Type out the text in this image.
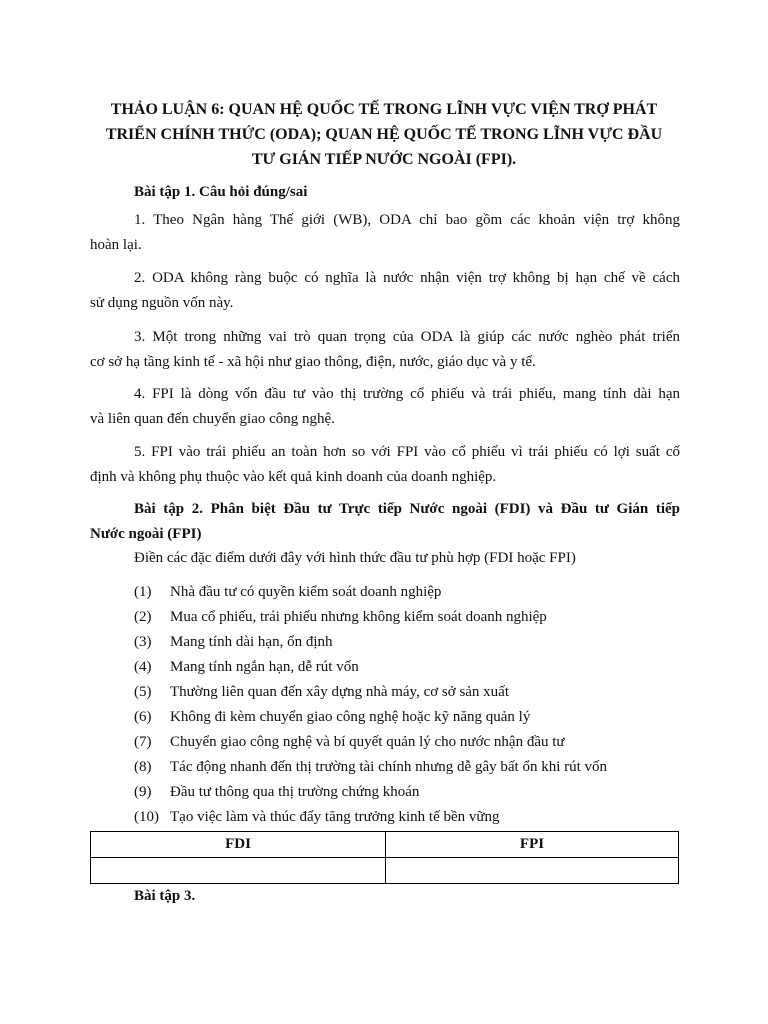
THẢO LUẬN 6: QUAN HỆ QUỐC TẾ TRONG LĨNH VỰC VIỆN TRỢ PHÁT
TRIỂN CHÍNH THỨC (ODA); QUAN HỆ QUỐC TẾ TRONG LĨNH VỰC ĐẦU
TƯ GIÁN TIẾP NƯỚC NGOÀI (FPI).
Bài tập 1. Câu hỏi đúng/sai
1. Theo Ngân hàng Thế giới (WB), ODA chỉ bao gồm các khoản viện trợ không
hoàn lại.
2. ODA không ràng buộc có nghĩa là nước nhận viện trợ không bị hạn chế về cách
sử dụng nguồn vốn này.
3. Một trong những vai trò quan trọng của ODA là giúp các nước nghèo phát triển
cơ sở hạ tầng kinh tế - xã hội như giao thông, điện, nước, giáo dục và y tế.
4. FPI là dòng vốn đầu tư vào thị trường cổ phiếu và trái phiếu, mang tính dài hạn
và liên quan đến chuyển giao công nghệ.
5. FPI vào trái phiếu an toàn hơn so với FPI vào cổ phiếu vì trái phiếu có lợi suất cố
định và không phụ thuộc vào kết quả kinh doanh của doanh nghiệp.
Bài tập 2. Phân biệt Đầu tư Trực tiếp Nước ngoài (FDI) và Đầu tư Gián tiếp
Nước ngoài (FPI)
Điền các đặc điểm dưới đây với hình thức đầu tư phù hợp (FDI hoặc FPI)
(1) Nhà đầu tư có quyền kiểm soát doanh nghiệp
(2) Mua cổ phiếu, trái phiếu nhưng không kiểm soát doanh nghiệp
(3) Mang tính dài hạn, ổn định
(4) Mang tính ngắn hạn, dễ rút vốn
(5) Thường liên quan đến xây dựng nhà máy, cơ sở sản xuất
(6) Không đi kèm chuyển giao công nghệ hoặc kỹ năng quản lý
(7) Chuyển giao công nghệ và bí quyết quản lý cho nước nhận đầu tư
(8) Tác động nhanh đến thị trường tài chính nhưng dễ gây bất ổn khi rút vốn
(9) Đầu tư thông qua thị trường chứng khoán
(10) Tạo việc làm và thúc đẩy tăng trưởng kinh tế bền vững
FDI	FPI

Bài tập 3.
